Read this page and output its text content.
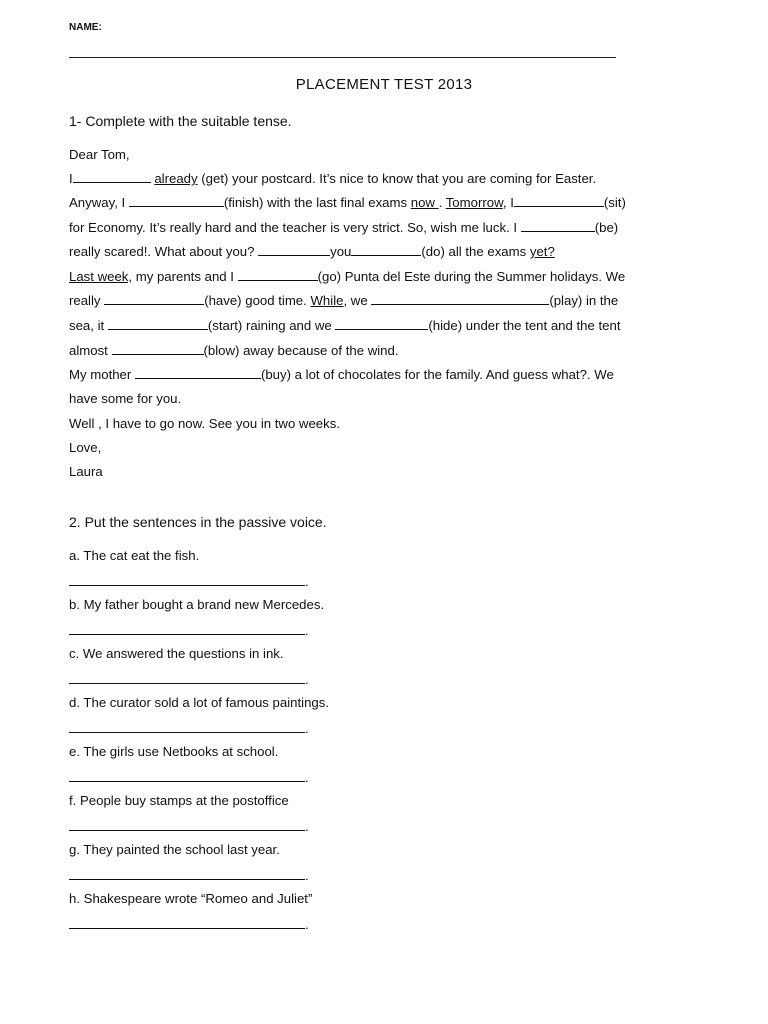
NAME:
PLACEMENT TEST 2013
1- Complete with the suitable tense.
Dear Tom,
I	already (get) your postcard. It’s nice to know that you are coming for Easter.
Anyway, I	(finish) with the last final exams now . Tomorrow, I	(sit)
for Economy. It’s really hard and the teacher is very strict. So, wish me luck. I	(be)
really scared!. What about you?	you	(do) all the exams yet?
Last week, my parents and I	(go) Punta del Este during the Summer holidays. We
really	(have) good time. While, we	(play) in the
sea, it	(start) raining and we	(hide) under the tent and the tent
almost	(blow) away because of the wind.
My mother	(buy) a lot of chocolates for the family. And guess what?. We
have some for you.
Well , I have to go now. See you in two weeks.
Love,
Laura
2. Put the sentences in the passive voice.
a. The cat eat the fish.
.
b. My father bought a brand new Mercedes.
.
c. We answered the questions in ink.
.
d. The curator sold a lot of famous paintings.
.
e. The girls use Netbooks at school.
.
f. People buy stamps at the postoffice
.
g. They painted the school last year.
.
h. Shakespeare wrote “Romeo and Juliet”
.
